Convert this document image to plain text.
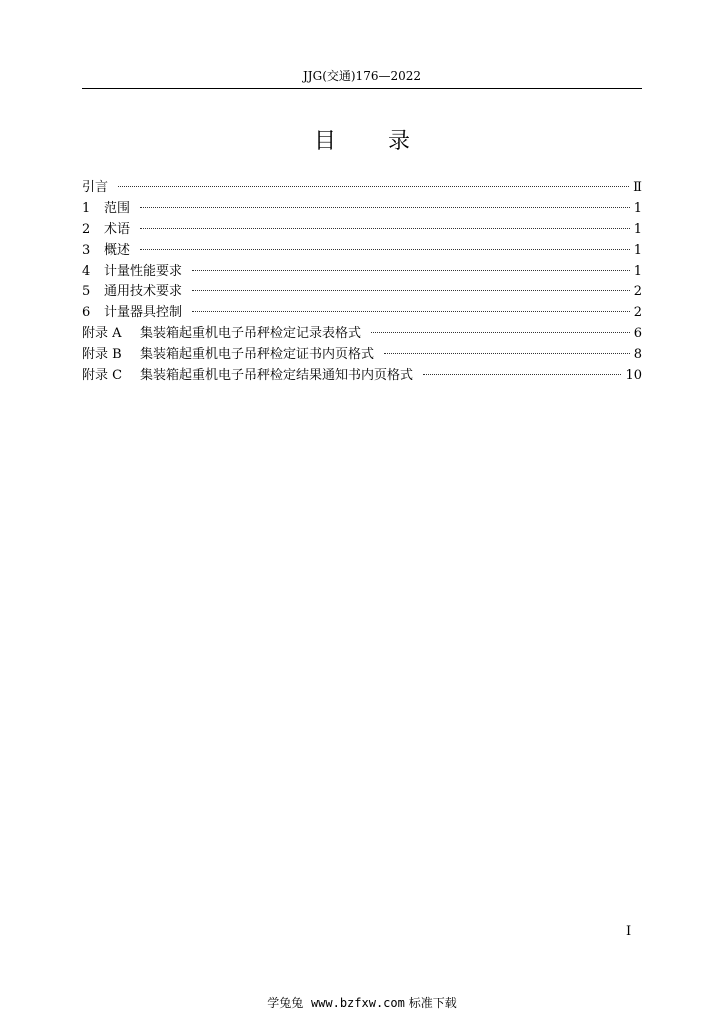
JJG(交通)176—2022
目 录
引言	Ⅱ
1	范围	1
2	术语	1
3	概述	1
4	计量性能要求	1
5	通用技术要求	2
6	计量器具控制	2
附录 A	集装箱起重机电子吊秤检定记录表格式	6
附录 B	集装箱起重机电子吊秤检定证书内页格式	8
附录 C	集装箱起重机电子吊秤检定结果通知书内页格式	10
I
学兔兔 www.bzfxw.com 标准下载
